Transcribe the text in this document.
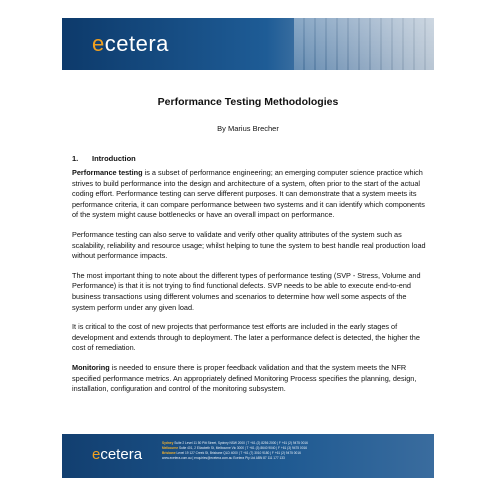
ecetera
Performance Testing Methodologies
By Marius Brecher
1. Introduction

Performance testing is a subset of performance engineering; an emerging computer science practice which strives to build performance into the design and architecture of a system, often prior to the start of the actual coding effort. Performance testing can serve different purposes. It can demonstrate that a system meets its performance criteria, it can compare performance between two systems and it can identify which components of the system might cause bottlenecks or have an overall impact on performance.

Performance testing can also serve to validate and verify other quality attributes of the system such as scalability, reliability and resource usage; whilst helping to tune the system to best handle real production load without performance impacts.

The most important thing to note about the different types of performance testing (SVP - Stress, Volume and Performance) is that it is not trying to find functional defects. SVP needs to be able to execute end-to-end business transactions using different volumes and scenarios to determine how well some aspects of the system perform under any given load.

It is critical to the cost of new projects that performance test efforts are included in the early stages of development and extends through to deployment. The later a performance defect is detected, the higher the cost of remediation.

Monitoring is needed to ensure there is proper feedback validation and that the system meets the NFR specified performance metrics. An appropriately defined Monitoring Process specifies the planning, design, installation, configuration and control of the monitoring subsystem.

ecetera
Sydney Suite 2 Level 11 50 Pitt Street, Sydney NSW 2000 | T +61 (2) 8256 2000 | F +61 (2) 9475 0016
Melbourne Suite 401, 2 Elizabeth St, Melbourne Vic 3000 | T +61 (3) 8640 9040 | F +61 (3) 9475 0016
Brisbane Level 19 127 Creek St, Brisbane QLD 4000 | T +61 (7) 3010 9180 | F +61 (2) 9475 0016
www.ecetera.com.au | enquiries@ecetera.com.au Ecetera Pty Ltd ABN 87 111 177 133
